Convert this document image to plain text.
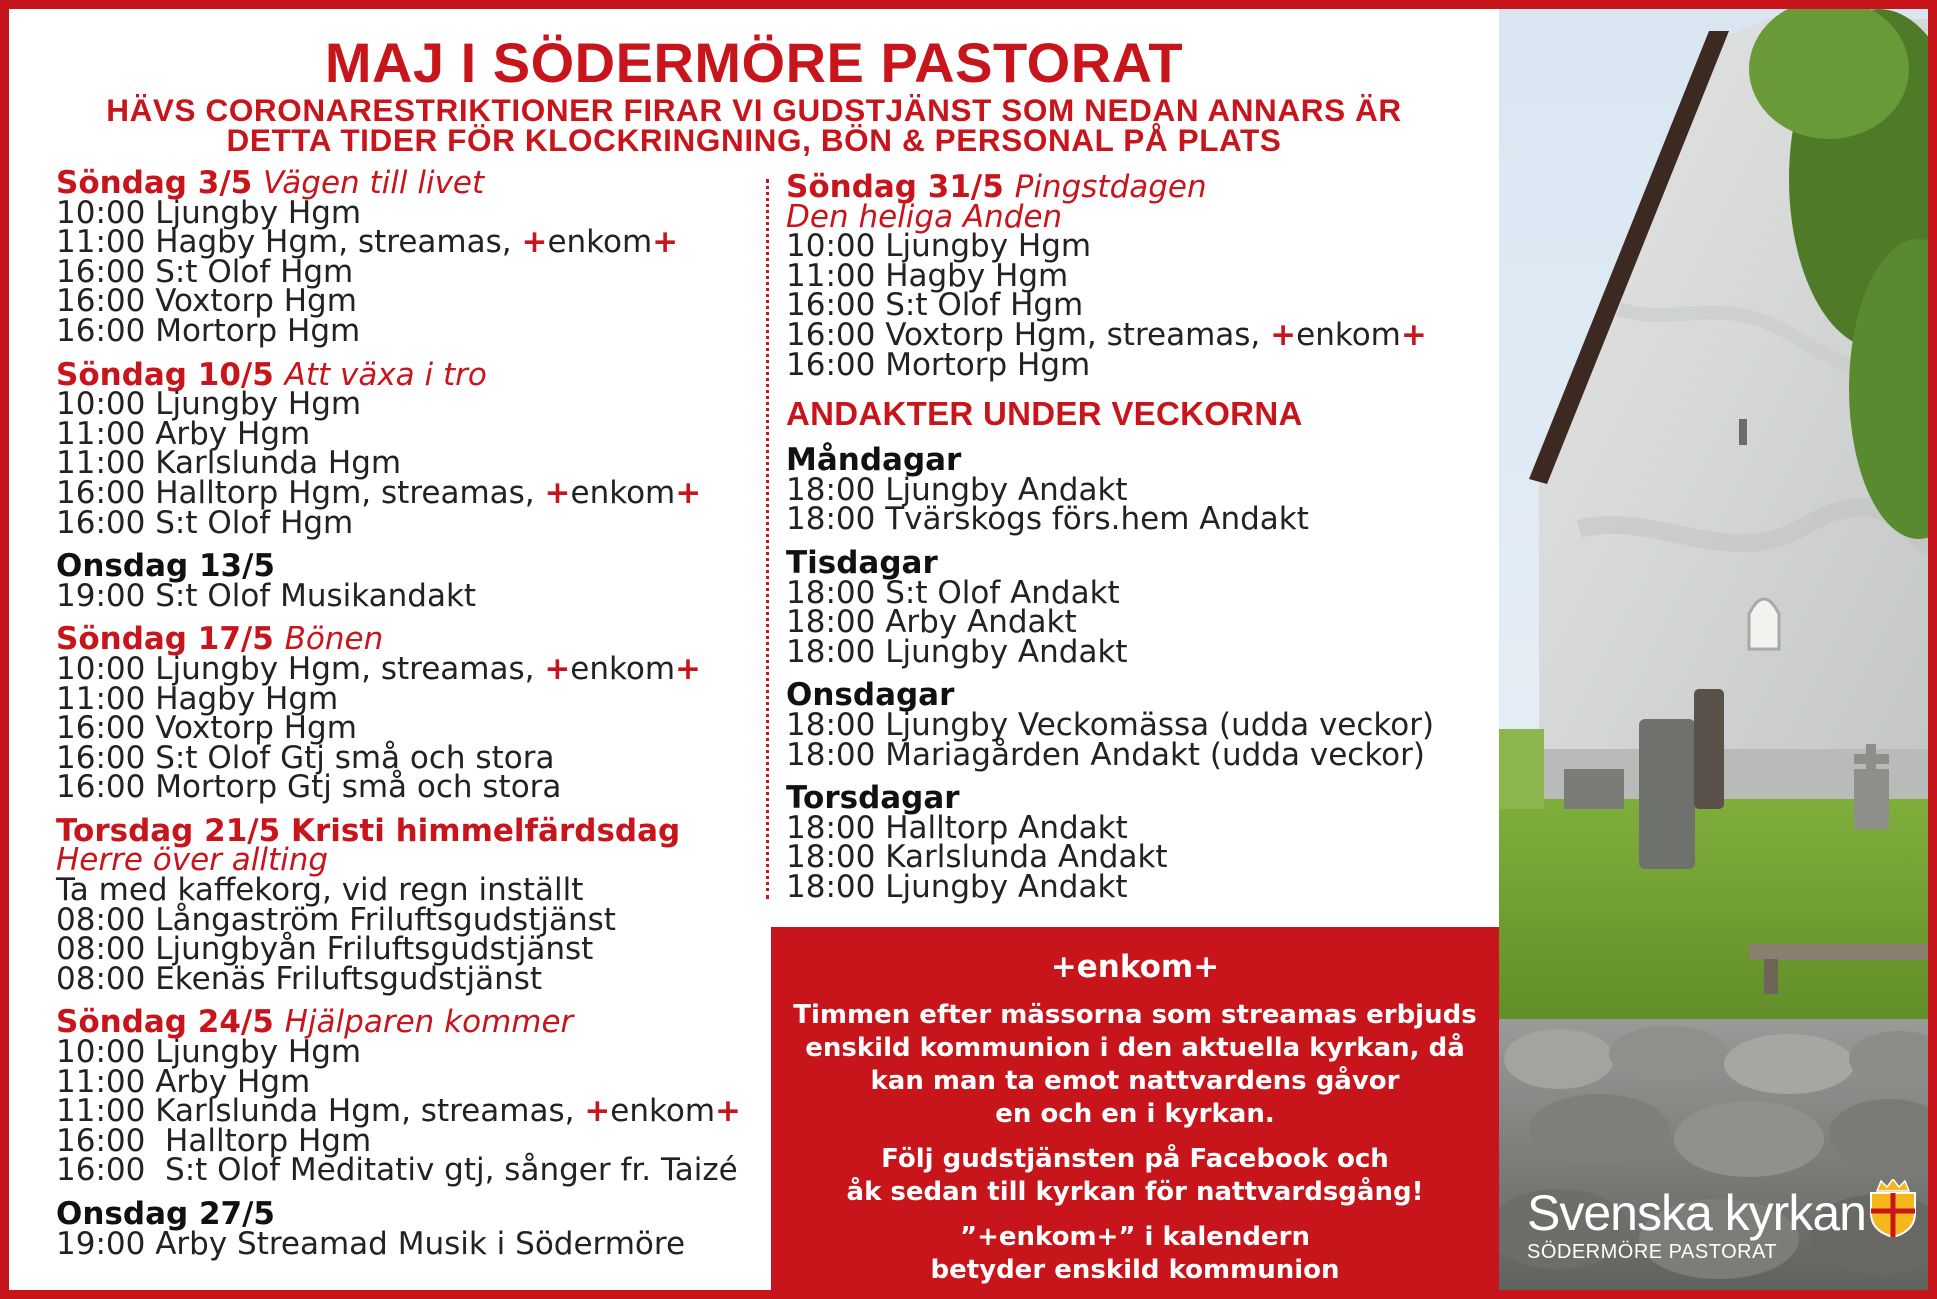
MAJ I SÖDERMÖRE PASTORAT
HÄVS CORONARESTRIKTIONER FIRAR VI GUDSTJÄNST SOM NEDAN ANNARS ÄR
DETTA TIDER FÖR KLOCKRINGNING, BÖN & PERSONAL PÅ PLATS
Söndag 3/5 Vägen till livet
10:00 Ljungby Hgm
11:00 Hagby Hgm, streamas, +enkom+
16:00 S:t Olof Hgm
16:00 Voxtorp Hgm
16:00 Mortorp Hgm
Söndag 10/5 Att växa i tro
10:00 Ljungby Hgm
11:00 Arby Hgm
11:00 Karlslunda Hgm
16:00 Halltorp Hgm, streamas, +enkom+
16:00 S:t Olof Hgm
Onsdag 13/5
19:00 S:t Olof Musikandakt
Söndag 17/5 Bönen
10:00 Ljungby Hgm, streamas, +enkom+
11:00 Hagby Hgm
16:00 Voxtorp Hgm
16:00 S:t Olof Gtj små och stora
16:00 Mortorp Gtj små och stora
Torsdag 21/5 Kristi himmelfärdsdag
Herre över allting
Ta med kaffekorg, vid regn inställt
08:00 Långaström Friluftsgudstjänst
08:00 Ljungbyån Friluftsgudstjänst
08:00 Ekenäs Friluftsgudstjänst
Söndag 24/5 Hjälparen kommer
10:00 Ljungby Hgm
11:00 Arby Hgm
11:00 Karlslunda Hgm, streamas, +enkom+
16:00  Halltorp Hgm
16:00  S:t Olof Meditativ gtj, sånger fr. Taizé
Onsdag 27/5
19:00 Arby Streamad Musik i Södermöre
Söndag 31/5 Pingstdagen
Den heliga Anden
10:00 Ljungby Hgm
11:00 Hagby Hgm
16:00 S:t Olof Hgm
16:00 Voxtorp Hgm, streamas, +enkom+
16:00 Mortorp Hgm
ANDAKTER UNDER VECKORNA
Måndagar
18:00 Ljungby Andakt
18:00 Tvärskogs förs.hem Andakt
Tisdagar
18:00 S:t Olof Andakt
18:00 Arby Andakt
18:00 Ljungby Andakt
Onsdagar
18:00 Ljungby Veckomässa (udda veckor)
18:00 Mariagården Andakt (udda veckor)
Torsdagar
18:00 Halltorp Andakt
18:00 Karlslunda Andakt
18:00 Ljungby Andakt
+enkom+
Timmen efter mässorna som streamas erbjuds
enskild kommunion i den aktuella kyrkan, då
kan man ta emot nattvardens gåvor
en och en i kyrkan.
Följ gudstjänsten på Facebook och
åk sedan till kyrkan för nattvardsgång!
”+enkom+” i kalendern
betyder enskild kommunion
Svenska kyrkan
SÖDERMÖRE PASTORAT
